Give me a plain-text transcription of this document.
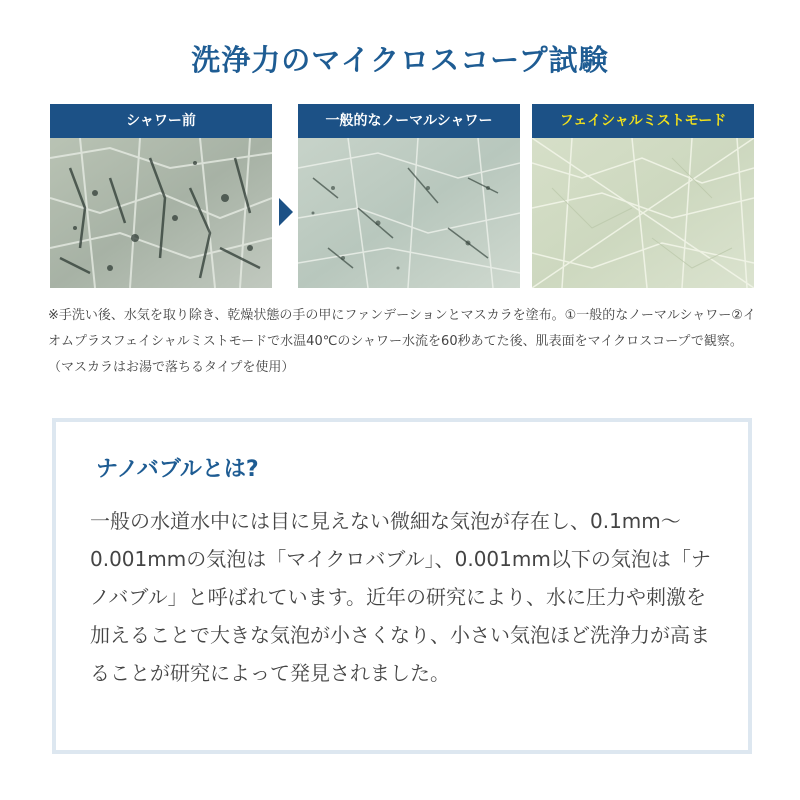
洗浄力のマイクロスコープ試験
シャワー前	一般的なノーマルシャワー	フェイシャルミストモード

※手洗い後、水気を取り除き、乾燥状態の手の甲にファンデーションとマスカラを塗布。①一般的なノーマルシャワー②イオムプラスフェイシャルミストモードで水温40℃のシャワー水流を60秒あてた後、肌表面をマイクロスコープで観察。（マスカラはお湯で落ちるタイプを使用）

ナノバブルとは?

一般の水道水中には目に見えない微細な気泡が存在し、0.1mm〜0.001mmの気泡は「マイクロバブル」、0.001mm以下の気泡は「ナノバブル」と呼ばれています。近年の研究により、水に圧力や刺激を加えることで大きな気泡が小さくなり、小さい気泡ほど洗浄力が高まることが研究によって発見されました。
